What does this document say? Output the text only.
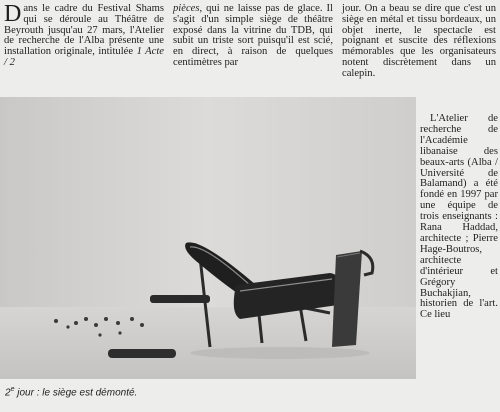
Dans le cadre du Festival Shams qui se déroule au Théâtre de Beyrouth jusqu'au 27 mars, l'Atelier de recherche de l'Alba présente une installation originale, intitulée 1 Acte / 2

pièces, qui ne laisse pas de glace. Il s'agit d'un simple siège de théâtre exposé dans la vitrine du TDB, qui subit un triste sort puisqu'il est scié, en direct, à raison de quelques centimètres par

jour. On a beau se dire que c'est un siège en métal et tissu bordeaux, un objet inerte, le spectacle est poignant et suscite des réflexions mémorables que les organisateurs notent discrètement dans un calepin.

L'Atelier de recherche de l'Académie libanaise des beaux-arts (Alba / Université de Balamand) a été fondé en 1997 par une équipe de trois enseignants : Rana Haddad, architecte ; Pierre Hage-Boutros, architecte d'intérieur et Grégory Buchakjian, historien de l'art. Ce lieu

2e jour : le siège est démonté.
